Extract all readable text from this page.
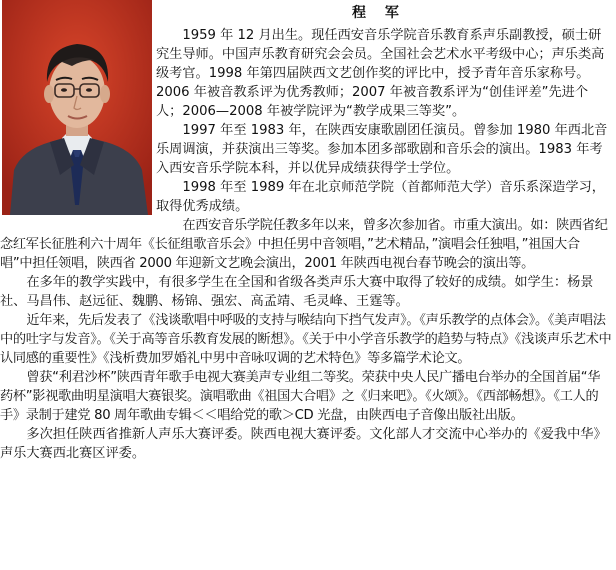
程 军

1959 年 12 月出生。现任西安音乐学院音乐教育系声乐副教授，硕士研究生导师。中国声乐教育研究会会员。全国社会艺术水平考级中心；声乐类高级考官。1998 年第四届陕西文艺创作奖的评比中，授予青年音乐家称号。2006 年被音教系评为优秀教师；2007 年被音教系评为“创佳评差”先进个人；2006—2008 年被学院评为“教学成果三等奖”。

1997 年至 1983 年，在陕西安康歌剧团任演员。曾参加 1980 年西北音乐周调演，并获演出三等奖。参加本团多部歌剧和音乐会的演出。1983 年考入西安音乐学院本科，并以优异成绩获得学士学位。

1998 年至 1989 年在北京师范学院（首都师范大学）音乐系深造学习，取得优秀成绩。

在西安音乐学院任教多年以来，曾多次参加省。市重大演出。如：陕西省纪念红军长征胜利六十周年《长征组歌音乐会》中担任男中音领唱，”艺术精品，”演唱会任独唱，”祖国大合唱”中担任领唱，陕西省 2000 年迎新文艺晚会演出，2001 年陕西电视台春节晚会的演出等。

在多年的教学实践中，有很多学生在全国和省级各类声乐大赛中取得了较好的成绩。如学生：杨景社、马昌伟、赵远征、魏鹏、杨锦、强宏、高孟靖、毛灵峰、王霆等。

近年来，先后发表了《浅谈歌唱中呼吸的支持与喉结向下挡气发声》。《声乐教学的点体会》。《美声唱法中的吐字与发音》。《关于高等音乐教育发展的断想》。《关于中小学音乐教学的趋势与特点》《浅谈声乐艺术中认同感的重要性》《浅析费加罗婚礼中男中音咏叹调的艺术特色》等多篇学术论文。

曾获“利君沙杯”陕西青年歌手电视大赛美声专业组二等奖。荣获中央人民广播电台举办的全国首届“华药杯”影视歌曲明星演唱大赛银奖。演唱歌曲《祖国大合唱》之《归来吧》。《火颂》。《西部畅想》。《工人的手》录制于建党 80 周年歌曲专辑＜＜唱给党的歌＞CD 光盘，由陕西电子音像出版社出版。

多次担任陕西省推新人声乐大赛评委。陕西电视大赛评委。文化部人才交流中心举办的《爱我中华》声乐大赛西北赛区评委。
